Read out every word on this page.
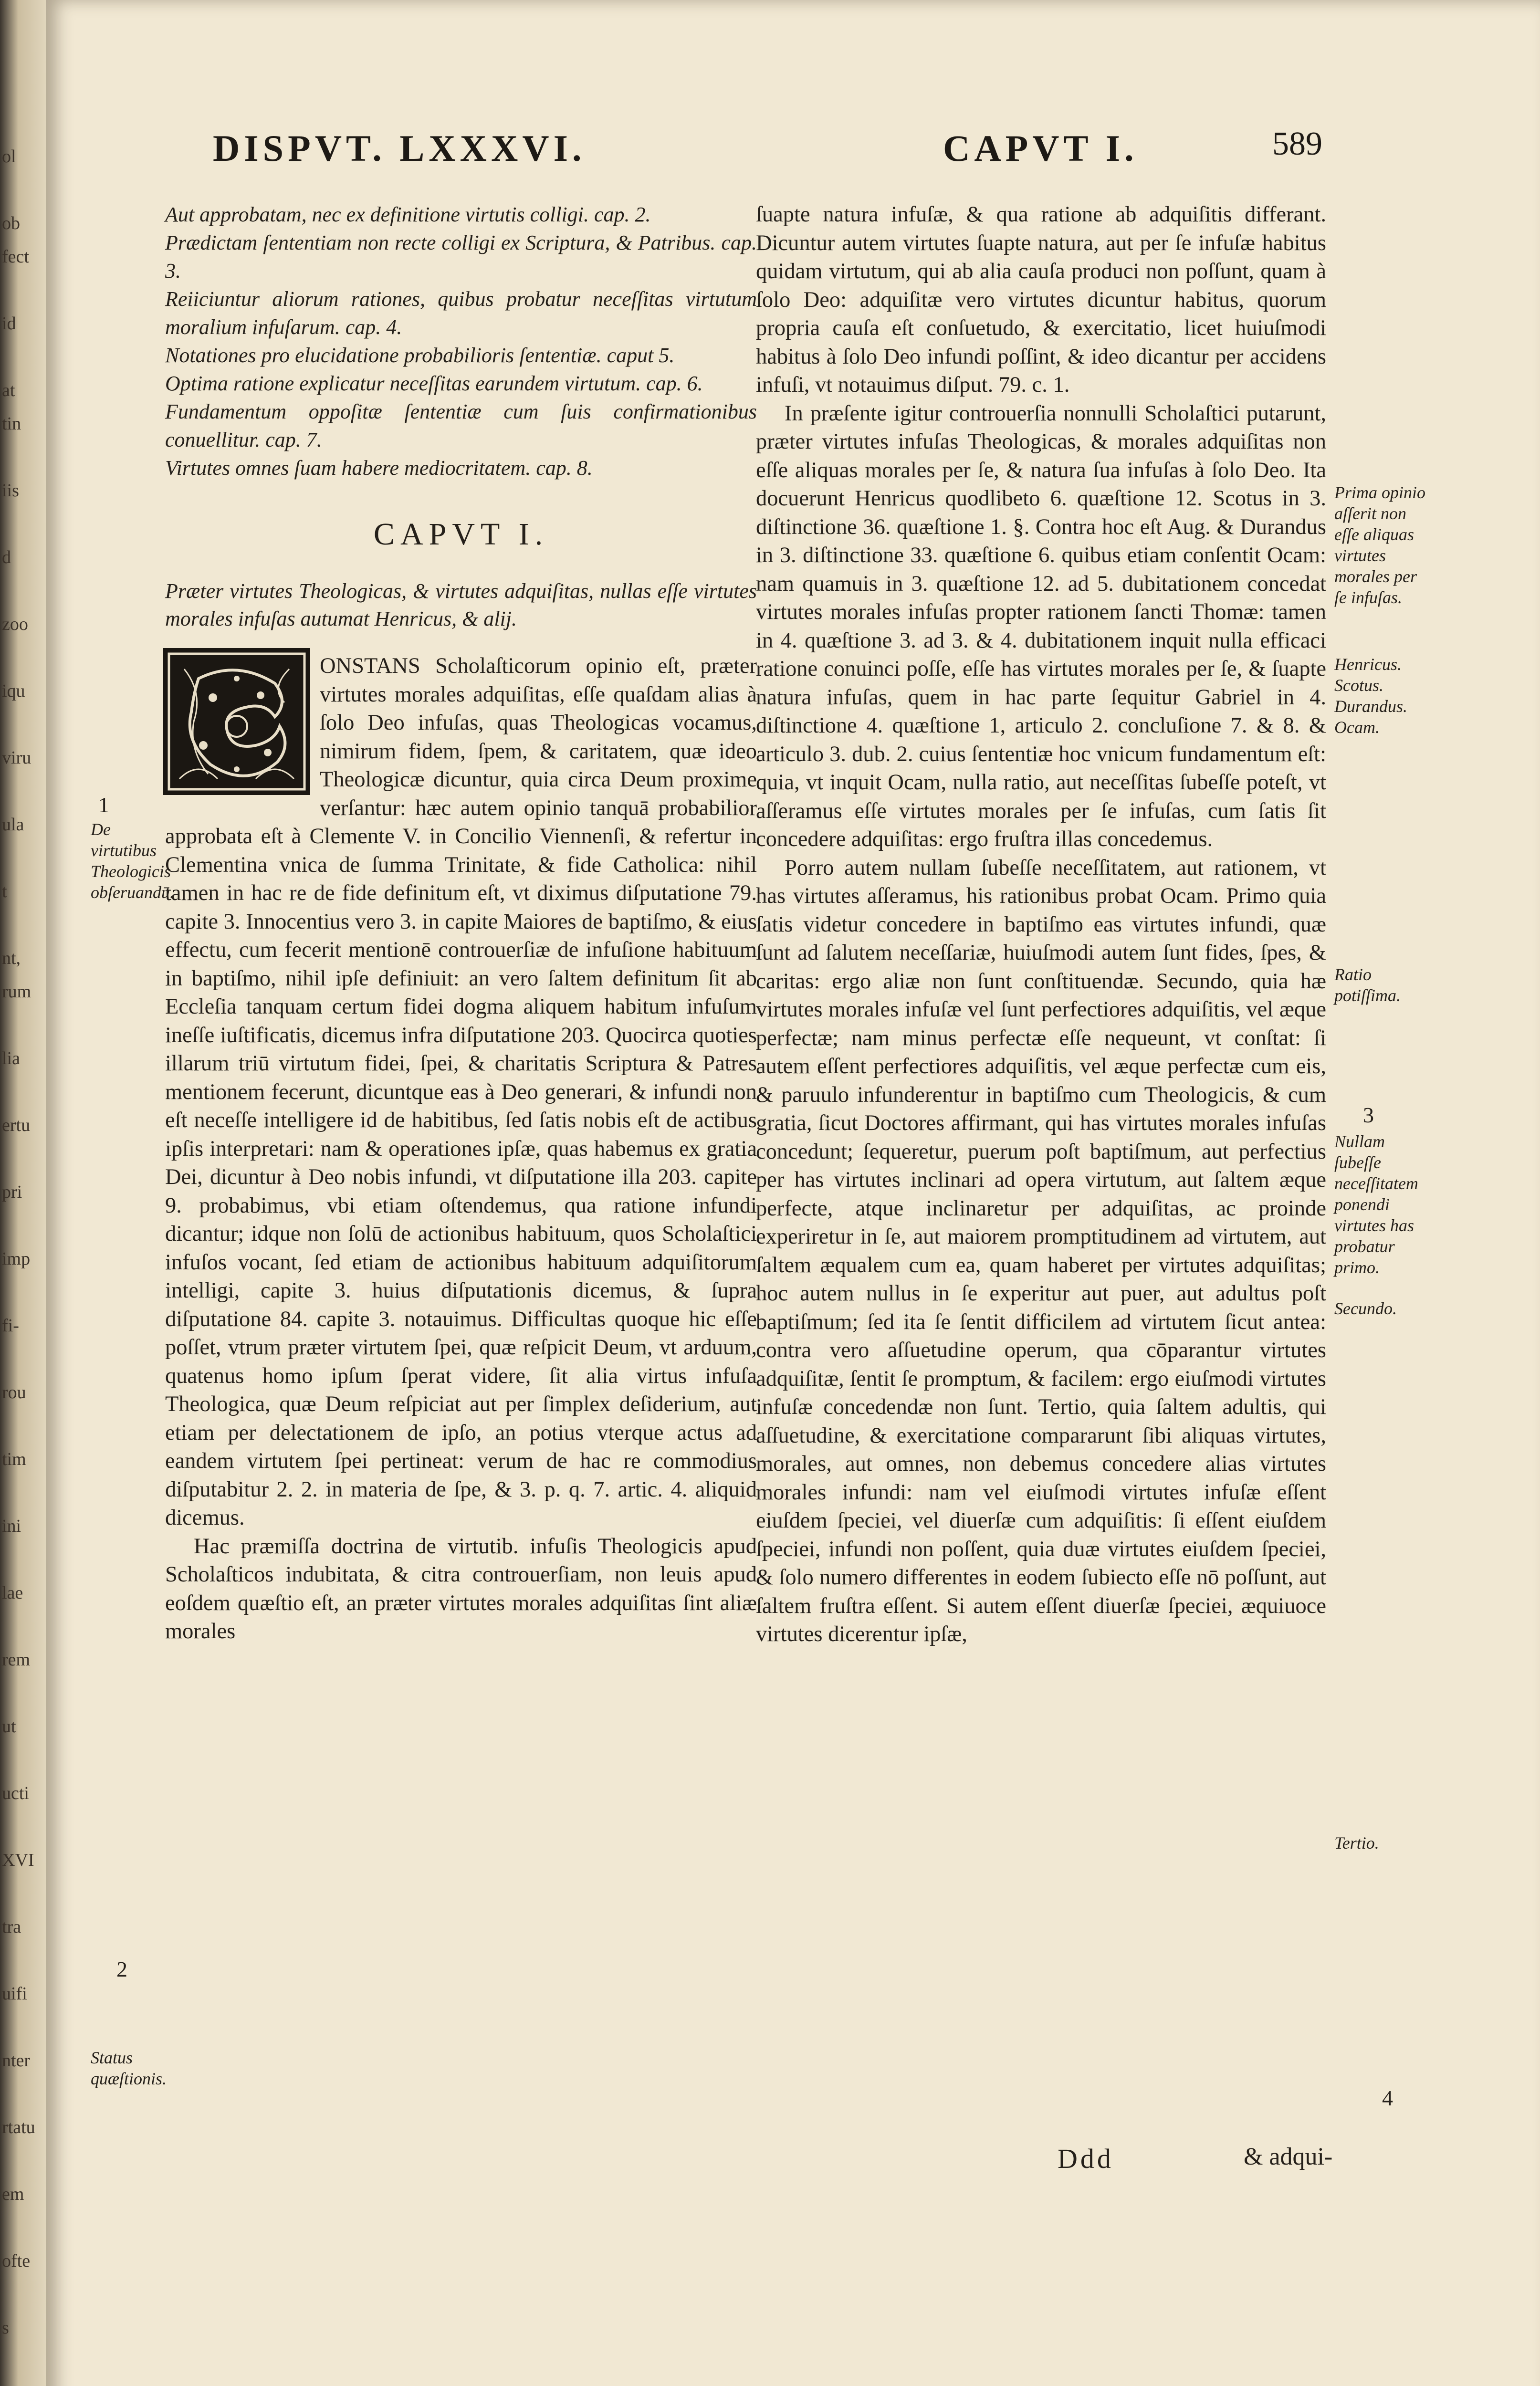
ol
ob
fect
id
at
tin
iis
d
zoo
iqu
viru
ula
t
nt,
rum
lia
ertu
pri
imp
fi-
rou
tim
ini
lae
rem
ut
ucti
XVI
tra
uifi
nter
rtatu
em
ofte
s
DISPVT. LXXXVI.	CAPVT I.	589

Aut approbatam, nec ex definitione virtutis colligi. cap. 2.

Prædictam ſententiam non recte colligi ex Scriptura, & Patribus. cap. 3.

Reiiciuntur aliorum rationes, quibus probatur neceſſitas virtutum moralium infuſarum. cap. 4.

Notationes pro elucidatione probabilioris ſententiæ. caput 5.

Optima ratione explicatur neceſſitas earundem virtutum. cap. 6.

Fundamentum oppoſitæ ſententiæ cum ſuis confirmationibus conuellitur. cap. 7.

Virtutes omnes ſuam habere mediocritatem. cap. 8.

CAPVT I.

Præter virtutes Theologicas, & virtutes adquiſitas, nullas eſſe virtutes morales infuſas autumat Henricus, & alij.

ONSTANS Scholaſticorum opinio eſt, præter virtutes morales adquiſitas, eſſe quaſdam alias à ſolo Deo infuſas, quas Theologicas vocamus, nimirum fidem, ſpem, & caritatem, quæ ideo Theologicæ dicuntur, quia circa Deum proxime verſantur: hæc autem opinio tanquā probabilior approbata eſt à Clemente V. in Concilio Viennenſi, & refertur in Clementina vnica de ſumma Trinitate, & fide Catholica: nihil tamen in hac re de fide definitum eſt, vt diximus diſputatione 79. capite 3. Innocentius vero 3. in capite Maiores de baptiſmo, & eius effectu, cum fecerit mentionē controuerſiæ de infuſione habituum in baptiſmo, nihil ipſe definiuit: an vero ſaltem definitum ſit ab Eccleſia tanquam certum fidei dogma aliquem habitum infuſum ineſſe iuſtificatis, dicemus infra diſputatione 203. Quocirca quoties illarum triū virtutum fidei, ſpei, & charitatis Scriptura & Patres mentionem fecerunt, dicuntque eas à Deo generari, & infundi non eſt neceſſe intelligere id de habitibus, ſed ſatis nobis eſt de actibus ipſis interpretari: nam & operationes ipſæ, quas habemus ex gratia Dei, dicuntur à Deo nobis infundi, vt diſputatione illa 203. capite 9. probabimus, vbi etiam oſtendemus, qua ratione infundi dicantur; idque non ſolū de actionibus habituum, quos Scholaſtici infuſos vocant, ſed etiam de actionibus habituum adquiſitorum intelligi, capite 3. huius diſputationis dicemus, & ſupra diſputatione 84. capite 3. notauimus. Difficultas quoque hic eſſe poſſet, vtrum præter virtutem ſpei, quæ reſpicit Deum, vt arduum, quatenus homo ipſum ſperat videre, ſit alia virtus infuſa Theologica, quæ Deum reſpiciat aut per ſimplex deſiderium, aut etiam per delectationem de ipſo, an potius vterque actus ad eandem virtutem ſpei pertineat: verum de hac re commodius diſputabitur 2. 2. in materia de ſpe, & 3. p. q. 7. artic. 4. aliquid dicemus.

Hac præmiſſa doctrina de virtutib. infuſis Theologicis apud Scholaſticos indubitata, & citra controuerſiam, non leuis apud eoſdem quæſtio eſt, an præter virtutes morales adquiſitas ſint aliæ morales

ſuapte natura infuſæ, & qua ratione ab adquiſitis differant. Dicuntur autem virtutes ſuapte natura, aut per ſe infuſæ habitus quidam virtutum, qui ab alia cauſa produci non poſſunt, quam à ſolo Deo: adquiſitæ vero virtutes dicuntur habitus, quorum propria cauſa eſt conſuetudo, & exercitatio, licet huiuſmodi habitus à ſolo Deo infundi poſſint, & ideo dicantur per accidens infuſi, vt notauimus diſput. 79. c. 1.

In præſente igitur controuerſia nonnulli Scholaſtici putarunt, præter virtutes infuſas Theologicas, & morales adquiſitas non eſſe aliquas morales per ſe, & natura ſua infuſas à ſolo Deo. Ita docuerunt Henricus quodlibeto 6. quæſtione 12. Scotus in 3. diſtinctione 36. quæſtione 1. §. Contra hoc eſt Aug. & Durandus in 3. diſtinctione 33. quæſtione 6. quibus etiam conſentit Ocam: nam quamuis in 3. quæſtione 12. ad 5. dubitationem concedat virtutes morales infuſas propter rationem ſancti Thomæ: tamen in 4. quæſtione 3. ad 3. & 4. dubitationem inquit nulla efficaci ratione conuinci poſſe, eſſe has virtutes morales per ſe, & ſuapte natura infuſas, quem in hac parte ſequitur Gabriel in 4. diſtinctione 4. quæſtione 1, articulo 2. concluſione 7. & 8. & articulo 3. dub. 2. cuius ſententiæ hoc vnicum fundamentum eſt: quia, vt inquit Ocam, nulla ratio, aut neceſſitas ſubeſſe poteſt, vt aſſeramus eſſe virtutes morales per ſe infuſas, cum ſatis ſit concedere adquiſitas: ergo fruſtra illas concedemus.

Porro autem nullam ſubeſſe neceſſitatem, aut rationem, vt has virtutes aſſeramus, his rationibus probat Ocam. Primo quia ſatis videtur concedere in baptiſmo eas virtutes infundi, quæ ſunt ad ſalutem neceſſariæ, huiuſmodi autem ſunt fides, ſpes, & caritas: ergo aliæ non ſunt conſtituendæ. Secundo, quia hæ virtutes morales infuſæ vel ſunt perfectiores adquiſitis, vel æque perfectæ; nam minus perfectæ eſſe nequeunt, vt conſtat: ſi autem eſſent perfectiores adquiſitis, vel æque perfectæ cum eis, & paruulo infunderentur in baptiſmo cum Theologicis, & cum gratia, ſicut Doctores affirmant, qui has virtutes morales infuſas concedunt; ſequeretur, puerum poſt baptiſmum, aut perfectius per has virtutes inclinari ad opera virtutum, aut ſaltem æque perfecte, atque inclinaretur per adquiſitas, ac proinde experiretur in ſe, aut maiorem promptitudinem ad virtutem, aut ſaltem æqualem cum ea, quam haberet per virtutes adquiſitas; hoc autem nullus in ſe experitur aut puer, aut adultus poſt baptiſmum; ſed ita ſe ſentit difficilem ad virtutem ſicut antea: contra vero aſſuetudine operum, qua cōparantur virtutes adquiſitæ, ſentit ſe promptum, & facilem: ergo eiuſmodi virtutes infuſæ concedendæ non ſunt. Tertio, quia ſaltem adultis, qui aſſuetudine, & exercitatione compararunt ſibi aliquas virtutes, morales, aut omnes, non debemus concedere alias virtutes morales infundi: nam vel eiuſmodi virtutes infuſæ eſſent eiuſdem ſpeciei, vel diuerſæ cum adquiſitis: ſi eſſent eiuſdem ſpeciei, infundi non poſſent, quia duæ virtutes eiuſdem ſpeciei, & ſolo numero differentes in eodem ſubiecto eſſe nō poſſunt, aut ſaltem fruſtra eſſent. Si autem eſſent diuerſæ ſpeciei, æquiuoce virtutes dicerentur ipſæ,

1
De virtutibus Theologicis obſeruandū.
2
Status quæſtionis.
Prima opinio aſſerit non eſſe aliquas virtutes morales per ſe infuſas.
Henricus. Scotus. Durandus. Ocam.
Ratio potiſſima.
3
Nullam ſubeſſe neceſſitatem ponendi virtutes has probatur primo.
Secundo.
Tertio.
4
Ddd	& adqui-
